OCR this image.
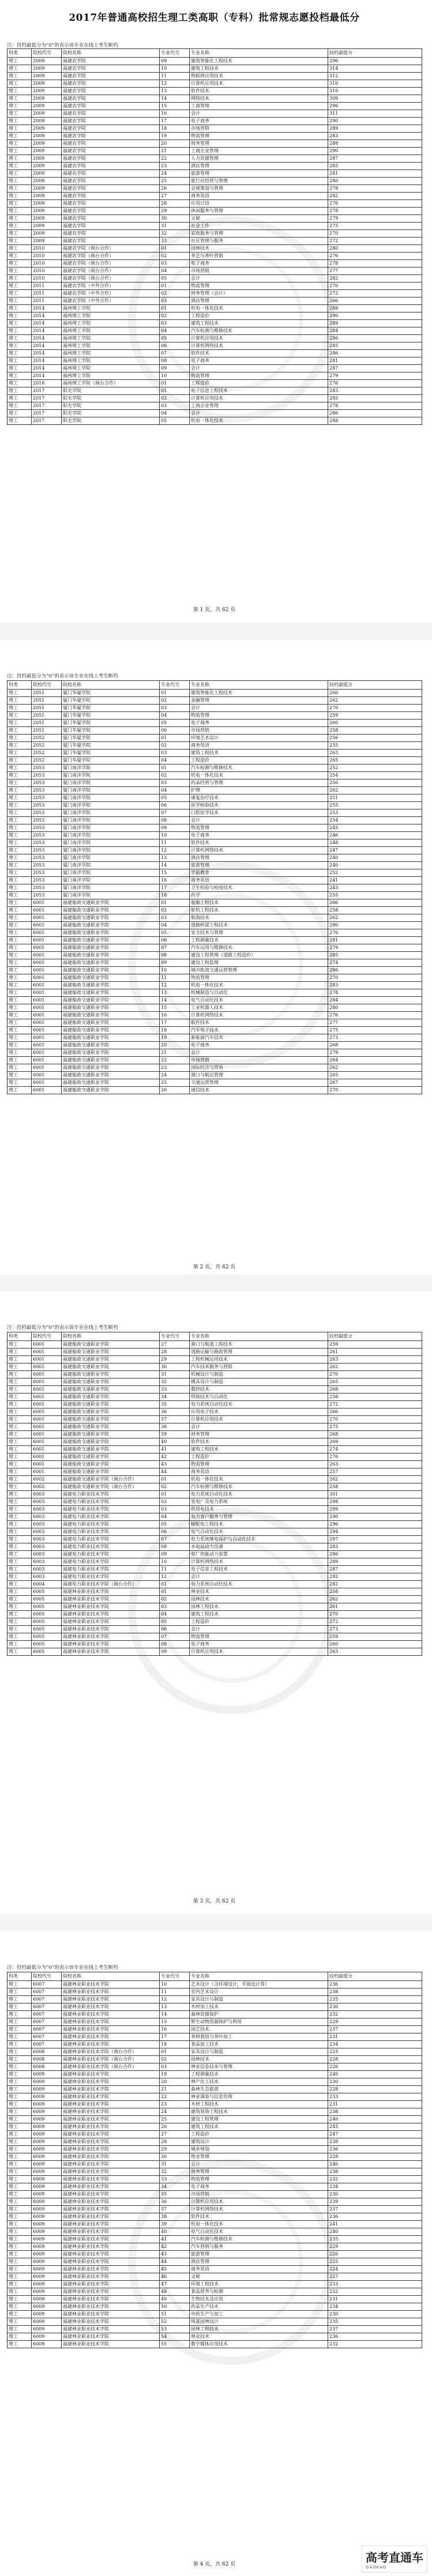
2017年普通高校招生理工类高职（专科）批常规志愿投档最低分
注：投档最低分为“0”的表示该专业在线上考生断档
科类	院校代号	院校名称	专业代号	专业名称	投档最低分
理工	2009	福建农学院	09	建筑智能化工程技术	296
理工	2009	福建农学院	10	建筑工程技术	314
理工	2009	福建农学院	11	物联网应用技术	312
理工	2009	福建农学院	12	计算机应用技术	310
理工	2009	福建农学院	13	软件技术	310
理工	2009	福建农学院	14	网络技术	309
理工	2009	福建农学院	15	工商管理	296
理工	2009	福建农学院	16	会计	311
理工	2009	福建农学院	17	电子商务	290
理工	2009	福建农学院	18	市场营销	289
理工	2009	福建农学院	19	物流管理	283
理工	2009	福建农学院	20	财务管理	288
理工	2009	福建农学院	21	工商企业管理	290
理工	2009	福建农学院	22	人力资源管理	287
理工	2009	福建农学院	23	酒店管理	285
理工	2009	福建农学院	24	旅游管理	281
理工	2009	福建农学院	25	旅行社经营与管理	280
理工	2009	福建农学院	26	会展策划与管理	278
理工	2009	福建农学院	27	商务英语	282
理工	2009	福建农学院	28	应用日语	276
理工	2009	福建农学院	29	休闲服务与管理	278
理工	2009	福建农学院	30	文秘	279
理工	2009	福建农学院	31	社会工作	275
理工	2009	福建农学院	32	家政服务与管理	270
理工	2009	福建农学院	33	社区管理与服务	272
理工	2010	福建农学院（闽台合作）	01	园林技术	280
理工	2010	福建农学院（闽台合作）	02	茶艺与茶叶营销	276
理工	2010	福建农学院（闽台合作）	03	电子商务	278
理工	2010	福建农学院（闽台合作）	04	市场营销	277
理工	2010	福建农学院（闽台合作）	05	会计	282
理工	2011	福建农学院（中外合作）	01	物流管理	270
理工	2011	福建农学院（中外合作）	02	财务管理（会计）	272
理工	2011	福建农学院（中外合作）	03	酒店管理	266
理工	2014	福州理工学院	01	机电一体化技术	288
理工	2014	福州理工学院	02	工程造价	290
理工	2014	福州理工学院	03	建筑工程技术	289
理工	2014	福州理工学院	04	汽车检测与维修技术	284
理工	2014	福州理工学院	05	计算机应用技术	286
理工	2014	福州理工学院	06	计算机网络技术	285
理工	2014	福州理工学院	07	软件技术	286
理工	2014	福州理工学院	08	电子商务	281
理工	2014	福州理工学院	09	会计	287
理工	2014	福州理工学院	10	物流管理	279
理工	2016	福州理工学院（闽台合作）	01	工程造价	276
理工	2017	阳光学院	01	电子信息工程技术	283
理工	2017	阳光学院	02	计算机应用技术	285
理工	2017	阳光学院	03	工商企业管理	278
理工	2017	阳光学院	04	会计	286
理工	2017	阳光学院	05	机电一体化技术	288
第 1 页，共 62 页
注：投档最低分为“0”的表示该专业在线上考生断档
科类	院校代号	院校名称	专业代号	专业名称	投档最低分
理工	2051	厦门华厦学院	01	建筑智能化工程技术	260
理工	2051	厦门华厦学院	02	金融管理	262
理工	2051	厦门华厦学院	03	会计	270
理工	2051	厦门华厦学院	04	物流管理	259
理工	2051	厦门华厦学院	05	电子商务	260
理工	2051	厦门华厦学院	06	市场营销	258
理工	2052	厦门华厦学院	01	环境艺术设计	256
理工	2052	厦门华厦学院	02	商务英语	255
理工	2052	厦门华厦学院	03	建筑工程技术	263
理工	2052	厦门华厦学院	04	工程造价	265
理工	2053	厦门南洋学院	01	汽车检测与维修技术	252
理工	2053	厦门南洋学院	02	机电一体化技术	254
理工	2053	厦门南洋学院	03	药品经营与管理	250
理工	2053	厦门南洋学院	04	护理	262
理工	2053	厦门南洋学院	05	康复治疗技术	251
理工	2053	厦门南洋学院	06	医学检验技术	255
理工	2053	厦门南洋学院	07	口腔医学技术	253
理工	2053	厦门南洋学院	08	会计	254
理工	2053	厦门南洋学院	09	物流管理	245
理工	2053	厦门南洋学院	10	电子商务	246
理工	2053	厦门南洋学院	11	软件技术	248
理工	2053	厦门南洋学院	12	计算机网络技术	247
理工	2053	厦门南洋学院	13	酒店管理	240
理工	2053	厦门南洋学院	14	旅游管理	240
理工	2053	厦门南洋学院	15	学前教育	252
理工	2053	厦门南洋学院	16	商务英语	241
理工	2053	厦门南洋学院	17	卫生检验与检疫技术	243
理工	2053	厦门南洋学院	18	药学	255
理工	6001	福建船政交通职业学院	01	船舶工程技术	266
理工	6001	福建船政交通职业学院	02	轮机工程技术	258
理工	6001	福建船政交通职业学院	03	航海技术	262
理工	6001	福建船政交通职业学院	04	道路桥梁工程技术	290
理工	6001	福建船政交通职业学院	05	安全技术与管理	276
理工	6001	福建船政交通职业学院	06	工程测量技术	281
理工	6001	福建船政交通职业学院	07	汽车运用与维修技术	279
理工	6001	福建船政交通职业学院	08	建设工程管理（道路工程造价）	285
理工	6001	福建船政交通职业学院	09	建设工程监理	274
理工	6001	福建船政交通职业学院	10	城市轨道交通运营管理	286
理工	6001	福建船政交通职业学院	11	物流管理	270
理工	6001	福建船政交通职业学院	12	机电一体化技术	283
理工	6001	福建船政交通职业学院	13	机械制造与自动化	278
理工	6001	福建船政交通职业学院	14	电气自动化技术	284
理工	6001	福建船政交通职业学院	15	工业机器人技术	280
理工	6001	福建船政交通职业学院	16	计算机网络技术	276
理工	6001	福建船政交通职业学院	17	软件技术	277
理工	6001	福建船政交通职业学院	18	汽车电子技术	275
理工	6001	福建船政交通职业学院	19	新能源汽车技术	273
理工	6001	福建船政交通职业学院	20	电子商务	268
理工	6001	福建船政交通职业学院	21	会计	279
理工	6001	福建船政交通职业学院	22	市场营销	264
理工	6001	福建船政交通职业学院	23	国际经济与贸易	262
理工	6001	福建船政交通职业学院	24	港口与航运管理	265
理工	6001	福建船政交通职业学院	25	交通运营管理	267
理工	6001	福建船政交通职业学院	26	通信技术	270
第 2 页，共 62 页
注：投档最低分为“0”的表示该专业在线上考生断档
科类	院校代号	院校名称	专业代号	专业名称	投档最低分
理工	6001	福建船政交通职业学院	27	港口与航道工程技术	259
理工	6001	福建船政交通职业学院	28	道路运输与路政管理	261
理工	6001	福建船政交通职业学院	29	工程机械运用技术	263
理工	6001	福建船政交通职业学院	30	汽车技术服务与营销	262
理工	6001	福建船政交通职业学院	31	机械设计与制造	270
理工	6001	福建船政交通职业学院	32	模具设计与制造	265
理工	6001	福建船政交通职业学院	33	数控技术	268
理工	6001	福建船政交通职业学院	34	焊接技术与自动化	258
理工	6001	福建船政交通职业学院	35	电力系统自动化技术	272
理工	6001	福建船政交通职业学院	36	应用电子技术	266
理工	6001	福建船政交通职业学院	37	计算机应用技术	270
理工	6001	福建船政交通职业学院	38	会计	275
理工	6001	福建船政交通职业学院	39	财务管理	268
理工	6001	福建船政交通职业学院	40	软件技术	269
理工	6001	福建船政交通职业学院	41	建筑工程技术	274
理工	6001	福建船政交通职业学院	42	工程造价	276
理工	6001	福建船政交通职业学院	43	物流管理	263
理工	6001	福建船政交通职业学院	44	商务英语	257
理工	6002	福建船政交通职业学院（闽台合作）	01	机电一体化技术	262
理工	6002	福建船政交通职业学院（闽台合作）	02	汽车检测与维修技术	258
理工	6003	福建电力职业技术学院	01	电力系统自动化技术	301
理工	6003	福建电力职业技术学院	02	发电厂及电力系统	298
理工	6003	福建电力职业技术学院	03	供用电技术	299
理工	6003	福建电力职业技术学院	04	电力客户服务与管理	290
理工	6003	福建电力职业技术学院	05	输配电工程技术	296
理工	6003	福建电力职业技术学院	06	电气自动化技术	294
理工	6003	福建电力职业技术学院	07	电力系统继电保护与自动化技术	297
理工	6003	福建电力职业技术学院	08	水电站动力设备	283
理工	6003	福建电力职业技术学院	09	电厂热能动力装置	286
理工	6003	福建电力职业技术学院	10	计算机网络技术	289
理工	6003	福建电力职业技术学院	11	电子信息工程技术	287
理工	6003	福建电力职业技术学院	12	会计	292
理工	6004	福建电力职业技术学院（闽台合作）	01	电力系统自动化技术	282
理工	6005	福建林业职业技术学院	01	林业技术	258
理工	6005	福建林业职业技术学院	02	园林技术	262
理工	6005	福建林业职业技术学院	03	园林工程技术	261
理工	6005	福建林业职业技术学院	04	建筑工程技术	270
理工	6005	福建林业职业技术学院	05	工程造价	272
理工	6005	福建林业职业技术学院	06	会计	273
理工	6005	福建林业职业技术学院	07	物流管理	259
理工	6005	福建林业职业技术学院	08	电子商务	260
理工	6005	福建林业职业技术学院	09	计算机应用技术	263
第 3 页，共 62 页
注：投档最低分为“0”的表示该专业在线上考生断档
科类	院校代号	院校名称	专业代号	专业名称	投档最低分
理工	6007	福建林业职业技术学院	10	艺术设计（含环境设计、平面设计等）	236
理工	6007	福建林业职业技术学院	11	室内艺术设计	238
理工	6007	福建林业职业技术学院	12	家具设计与制造	235
理工	6007	福建林业职业技术学院	13	木材加工技术	230
理工	6007	福建林业职业技术学院	14	森林资源保护	232
理工	6007	福建林业职业技术学院	15	野生动物资源保护与利用	229
理工	6007	福建林业职业技术学院	16	园艺技术	237
理工	6007	福建林业职业技术学院	17	茶树栽培与茶叶加工	231
理工	6007	福建林业职业技术学院	18	食品加工技术	234
理工	6008	福建林业职业技术学院（闽台合作）	01	家具设计与制造	225
理工	6008	福建林业职业技术学院（闽台合作）	02	园林技术	228
理工	6008	福建林业职业技术学院（闽台合作）	03	林业信息技术与管理	226
理工	6009	福建林业职业技术学院	19	工程测量技术	240
理工	6009	福建林业职业技术学院	20	林产化工技术	230
理工	6009	福建林业职业技术学院	21	森林生态旅游	228
理工	6009	福建林业职业技术学院	22	林业调查与信息处理	233
理工	6009	福建林业职业技术学院	23	木材工程技术	231
理工	6009	福建林业职业技术学院	24	建筑装饰工程技术	238
理工	6009	福建林业职业技术学院	25	建设工程管理	240
理工	6009	福建林业职业技术学院	26	建筑工程技术	245
理工	6009	福建林业职业技术学院	27	工程造价	247
理工	6009	福建林业职业技术学院	28	建筑设计	239
理工	6009	福建林业职业技术学院	29	城乡规划	236
理工	6009	福建林业职业技术学院	30	物业管理	228
理工	6009	福建林业职业技术学院	31	会计	246
理工	6009	福建林业职业技术学院	32	财务管理	238
理工	6009	福建林业职业技术学院	33	物流管理	232
理工	6009	福建林业职业技术学院	34	电子商务	234
理工	6009	福建林业职业技术学院	35	市场营销	230
理工	6009	福建林业职业技术学院	36	计算机应用技术	239
理工	6009	福建林业职业技术学院	37	计算机网络技术	237
理工	6009	福建林业职业技术学院	38	软件技术	236
理工	6009	福建林业职业技术学院	39	机电一体化技术	241
理工	6009	福建林业职业技术学院	40	电气自动化技术	240
理工	6009	福建林业职业技术学院	41	汽车检测与维修技术	235
理工	6009	福建林业职业技术学院	42	汽车营销与服务	229
理工	6009	福建林业职业技术学院	43	旅游管理	226
理工	6009	福建林业职业技术学院	44	酒店管理	225
理工	6009	福建林业职业技术学院	45	商务英语	224
理工	6009	福建林业职业技术学院	46	文秘	227
理工	6009	福建林业职业技术学院	47	环境工程技术	233
理工	6009	福建林业职业技术学院	48	食品营养与检测	232
理工	6009	福建林业职业技术学院	49	生物技术及应用	231
理工	6009	福建林业职业技术学院	50	药品生产技术	234
理工	6009	福建林业职业技术学院	51	中药生产与加工	230
理工	6009	福建林业职业技术学院	52	风景园林设计	235
理工	6009	福建林业职业技术学院	53	园林工程技术	237
理工	6009	福建林业职业技术学院	54	林业技术	236
理工	6009	福建林业职业技术学院	55	数字媒体应用技术	232
第 4 页，共 62 页	高考直通车
GAOKAO
